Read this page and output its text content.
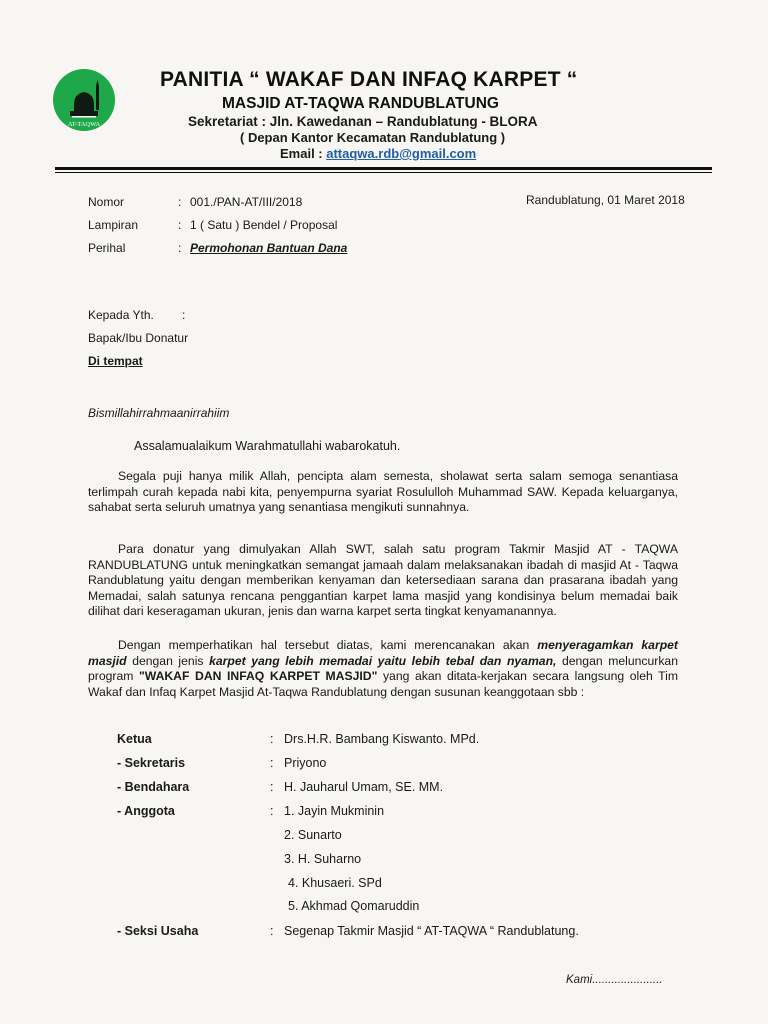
AT-TAQWA
PANITIA “ WAKAF DAN INFAQ KARPET “
MASJID AT-TAQWA RANDUBLATUNG
Sekretariat : Jln. Kawedanan – Randublatung - BLORA
( Depan Kantor Kecamatan Randublatung )
Email : attaqwa.rdb@gmail.com
Nomor	: 001./PAN-AT/III/2018	Randublatung, 01 Maret 2018
Lampiran	: 1 ( Satu ) Bendel / Proposal
Perihal	: Permohonan Bantuan Dana
Kepada Yth. :
Bapak/Ibu Donatur
Di tempat
Bismillahirrahmaanirrahiim
Assalamualaikum Warahmatullahi wabarokatuh.
Segala puji hanya milik Allah, pencipta alam semesta, sholawat serta salam semoga senantiasa terlimpah curah kepada nabi kita, penyempurna syariat Rosululloh Muhammad SAW. Kepada keluarganya, sahabat serta seluruh umatnya yang senantiasa mengikuti sunnahnya.
Para donatur yang dimulyakan Allah SWT, salah satu program Takmir Masjid AT - TAQWA RANDUBLATUNG untuk meningkatkan semangat jamaah dalam melaksanakan ibadah di masjid At - Taqwa Randublatung yaitu dengan memberikan kenyaman dan ketersediaan sarana dan prasarana ibadah yang Memadai, salah satunya rencana penggantian karpet lama masjid yang kondisinya belum memadai baik dilihat dari keseragaman ukuran, jenis dan warna karpet serta tingkat kenyamanannya.
Dengan memperhatikan hal tersebut diatas, kami merencanakan akan menyeragamkan karpet masjid dengan jenis karpet yang lebih memadai yaitu lebih tebal dan nyaman, dengan meluncurkan program "WAKAF DAN INFAQ KARPET MASJID" yang akan ditata-kerjakan secara langsung oleh Tim Wakaf dan Infaq Karpet Masjid At-Taqwa Randublatung dengan susunan keanggotaan sbb :
Ketua	: Drs.H.R. Bambang Kiswanto. MPd.
- Sekretaris	: Priyono
- Bendahara	: H. Jauharul Umam, SE. MM.
- Anggota	: 1. Jayin Mukminin
2. Sunarto
3. H. Suharno
4. Khusaeri. SPd
5. Akhmad Qomaruddin
- Seksi Usaha	: Segenap Takmir Masjid “ AT-TAQWA “ Randublatung.
Kami......................
